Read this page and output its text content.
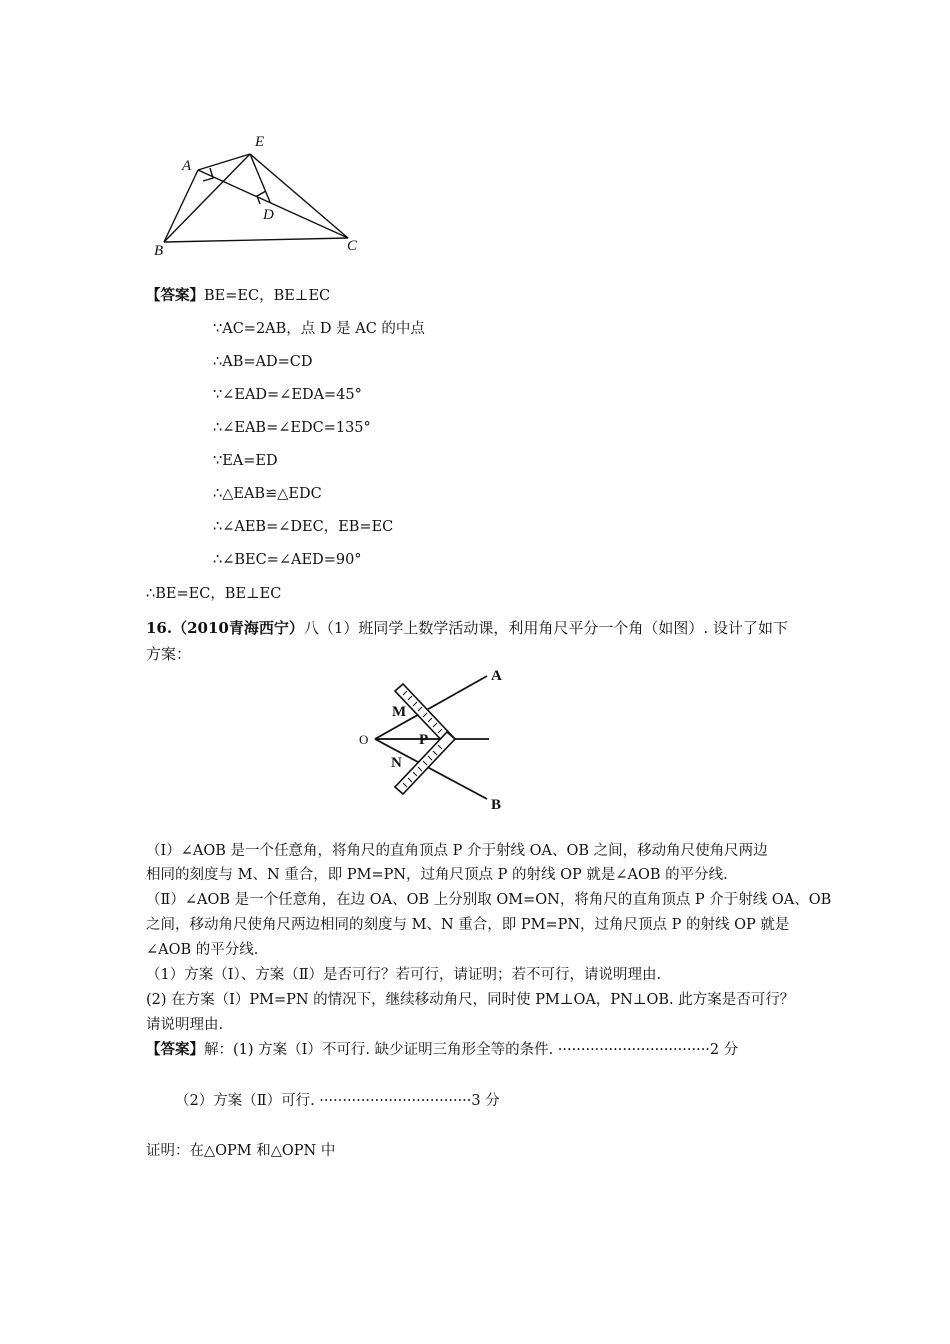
A
E
D
B	C
【答案】BE=EC，BE⊥EC
∵AC=2AB，点 D 是 AC 的中点
∴AB=AD=CD
∵∠EAD=∠EDA=45°
∴∠EAB=∠EDC=135°
∵EA=ED
∴△EAB≌△EDC
∴∠AEB=∠DEC，EB=EC
∴∠BEC=∠AED=90°
∴BE=EC，BE⊥EC
16.（2010青海西宁）八（1）班同学上数学活动课，利用角尺平分一个角（如图）. 设计了如下
方案：
A
B
O
M
N
P
（Ⅰ）∠AOB 是一个任意角，将角尺的直角顶点 P 介于射线 OA、OB 之间，移动角尺使角尺两边
相同的刻度与 M、N 重合，即 PM=PN，过角尺顶点 P 的射线 OP 就是∠AOB 的平分线.
（Ⅱ）∠AOB 是一个任意角，在边 OA、OB 上分别取 OM=ON，将角尺的直角顶点 P 介于射线 OA、OB
之间，移动角尺使角尺两边相同的刻度与 M、N 重合，即 PM=PN，过角尺顶点 P 的射线 OP 就是
∠AOB 的平分线.
（1）方案（Ⅰ）、方案（Ⅱ）是否可行？若可行，请证明；若不可行，请说明理由.
(2) 在方案（Ⅰ）PM=PN 的情况下，继续移动角尺，同时使 PM⊥OA，PN⊥OB. 此方案是否可行？
请说明理由.
【答案】解：(1) 方案（Ⅰ）不可行. 缺少证明三角形全等的条件. ·································2 分
（2）方案（Ⅱ）可行. ·································3 分
证明：在△OPM 和△OPN 中
